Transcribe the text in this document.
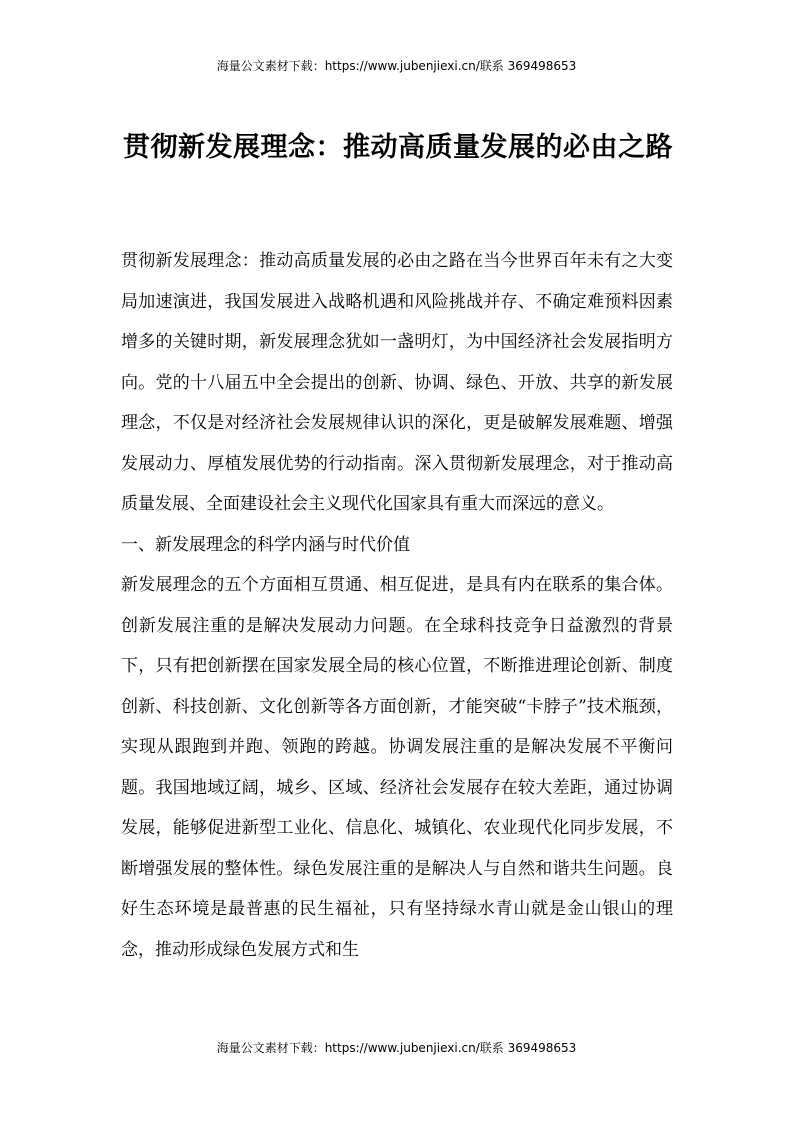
海量公文素材下载：https://www.jubenjiexi.cn/联系 369498653
贯彻新发展理念：推动高质量发展的必由之路

贯彻新发展理念：推动高质量发展的必由之路在当今世界百年未有之大变局加速演进，我国发展进入战略机遇和风险挑战并存、不确定难预料因素增多的关键时期，新发展理念犹如一盏明灯，为中国经济社会发展指明方向。党的十八届五中全会提出的创新、协调、绿色、开放、共享的新发展理念，不仅是对经济社会发展规律认识的深化，更是破解发展难题、增强发展动力、厚植发展优势的行动指南。深入贯彻新发展理念，对于推动高质量发展、全面建设社会主义现代化国家具有重大而深远的意义。

一、新发展理念的科学内涵与时代价值

新发展理念的五个方面相互贯通、相互促进，是具有内在联系的集合体。创新发展注重的是解决发展动力问题。在全球科技竞争日益激烈的背景下，只有把创新摆在国家发展全局的核心位置，不断推进理论创新、制度创新、科技创新、文化创新等各方面创新，才能突破“卡脖子”技术瓶颈，实现从跟跑到并跑、领跑的跨越。协调发展注重的是解决发展不平衡问题。我国地域辽阔，城乡、区域、经济社会发展存在较大差距，通过协调发展，能够促进新型工业化、信息化、城镇化、农业现代化同步发展，不断增强发展的整体性。绿色发展注重的是解决人与自然和谐共生问题。良好生态环境是最普惠的民生福祉，只有坚持绿水青山就是金山银山的理念，推动形成绿色发展方式和生

海量公文素材下载：https://www.jubenjiexi.cn/联系 369498653
